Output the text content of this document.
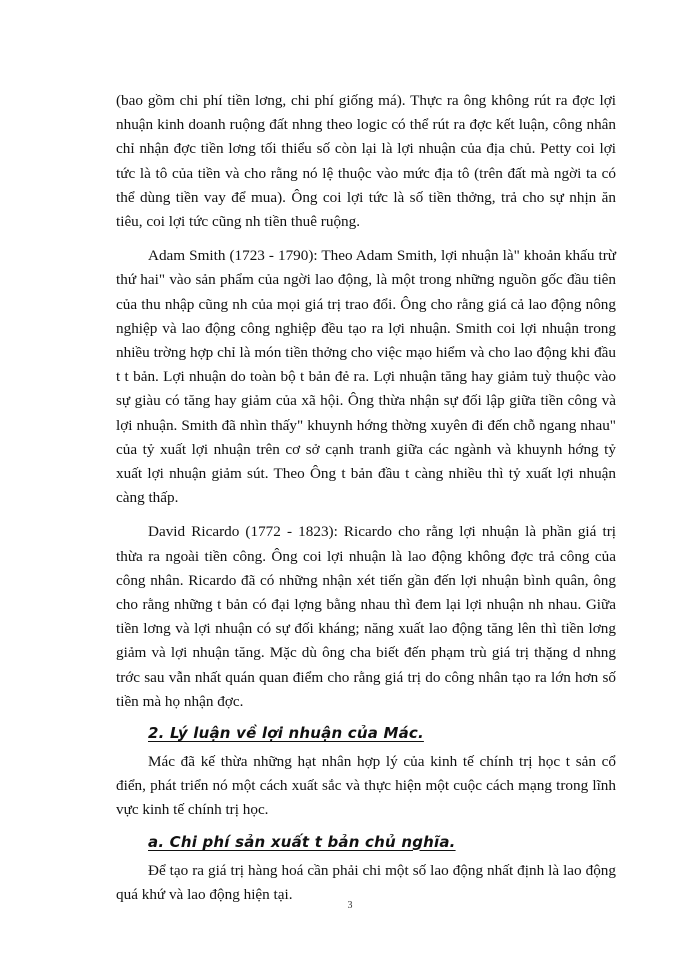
(bao gồm chi phí tiền lơng, chi phí giống má). Thực ra ông không rút ra đợc lợi nhuận kinh doanh ruộng đất nhng theo logic có thể rút ra đợc kết luận, công nhân chỉ nhận đợc tiền lơng tối thiểu số còn lại là lợi nhuận của địa chủ. Petty coi lợi tức là tô của tiền và cho rằng nó lệ thuộc vào mức địa tô (trên đất mà ngời ta có thể dùng tiền vay để mua). Ông coi lợi tức là số tiền thởng, trả cho sự nhịn ăn tiêu, coi lợi tức cũng nh tiền thuê ruộng.

Adam Smith (1723 - 1790): Theo Adam Smith, lợi nhuận là" khoản khấu trừ thứ hai" vào sản phẩm của ngời lao động, là một trong những nguồn gốc đầu tiên của thu nhập cũng nh của mọi giá trị trao đổi. Ông cho rằng giá cả lao động nông nghiệp và lao động công nghiệp đều tạo ra lợi nhuận. Smith coi lợi nhuận trong nhiều trờng hợp chỉ là món tiền thởng cho việc mạo hiểm và cho lao động khi đầu t t bản. Lợi nhuận do toàn bộ t bản đẻ ra. Lợi nhuận tăng hay giảm tuỳ thuộc vào sự giàu có tăng hay giảm của xã hội. Ông thừa nhận sự đối lập giữa tiền công và lợi nhuận. Smith đã nhìn thấy" khuynh hớng thờng xuyên đi đến chỗ ngang nhau" của tỷ xuất lợi nhuận trên cơ sở cạnh tranh giữa các ngành và khuynh hớng tỷ xuất lợi nhuận giảm sút. Theo Ông t bản đầu t càng nhiều thì tỷ xuất lợi nhuận càng thấp.

David Ricardo (1772 - 1823): Ricardo cho rằng lợi nhuận là phần giá trị thừa ra ngoài tiền công. Ông coi lợi nhuận là lao động không đợc trả công của công nhân. Ricardo đã có những nhận xét tiến gần đến lợi nhuận bình quân, ông cho rằng những t bản có đại lợng bằng nhau thì đem lại lợi nhuận nh nhau. Giữa tiền lơng và lợi nhuận có sự đối kháng; năng xuất lao động tăng lên thì tiền lơng giảm và lợi nhuận tăng. Mặc dù ông cha biết đến phạm trù giá trị thặng d nhng trớc sau vẫn nhất quán quan điểm cho rằng giá trị do công nhân tạo ra lớn hơn số tiền mà họ nhận đợc.

2. Lý luận về lợi nhuận của Mác.

Mác đã kế thừa những hạt nhân hợp lý của kinh tế chính trị học t sản cổ điển, phát triển nó một cách xuất sắc và thực hiện một cuộc cách mạng trong lĩnh vực kinh tế chính trị học.

a. Chi phí sản xuất t bản chủ nghĩa.

Để tạo ra giá trị hàng hoá cần phải chi một số lao động nhất định là lao động quá khứ và lao động hiện tại.

3
